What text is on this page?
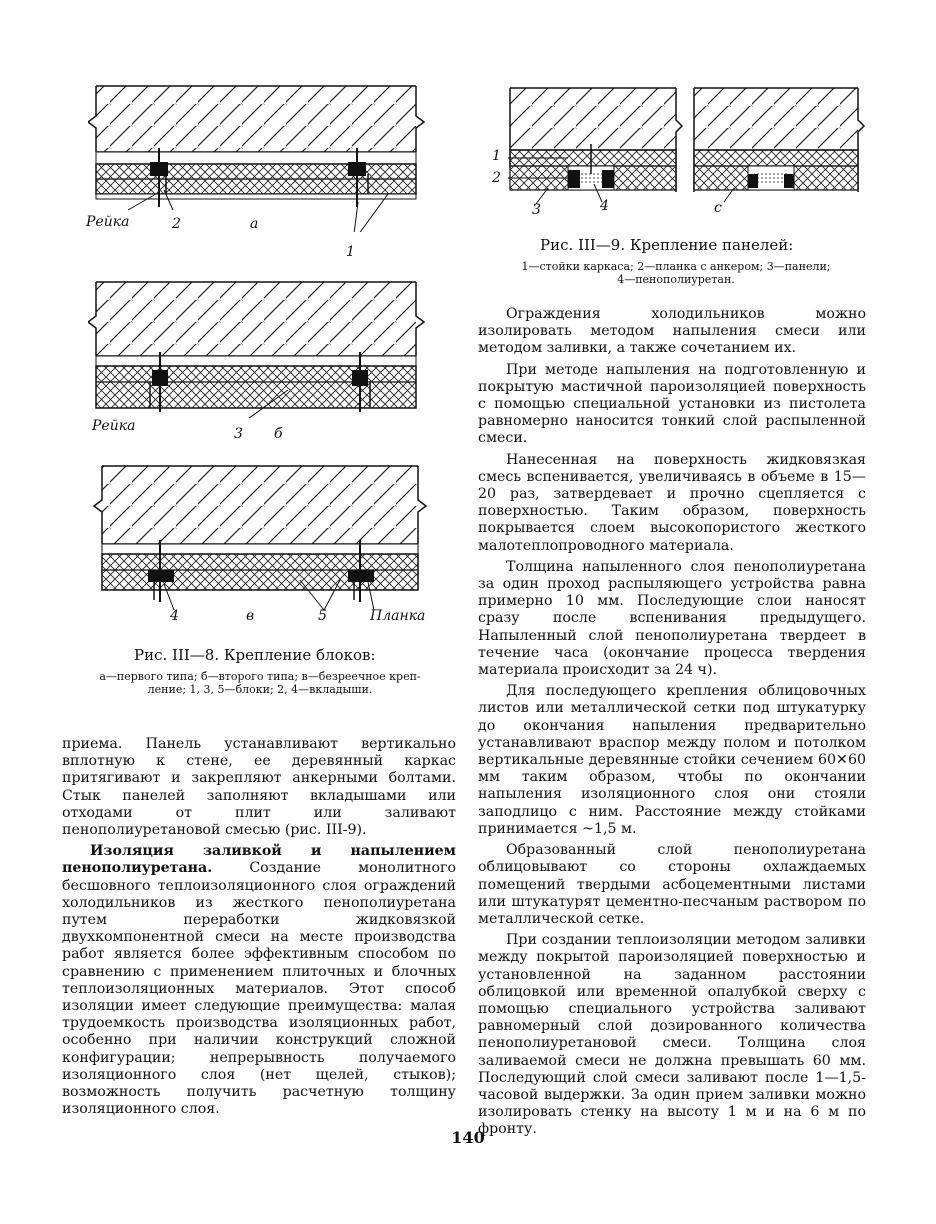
Рейка	2	а
1
Рейка	3 б
4	в	5	Планка
Рис. III—8. Крепление блоков:
а—первого типа; б—второго типа; в—безреечное креп-
ление; 1, 3, 5—блоки; 2, 4—вкладыши.
1
2
3	4	с
Рис. III—9. Крепление панелей:
1—стойки каркаса; 2—планка с анкером; 3—панели;
4—пенополиуретан.

приема. Панель устанавливают вертикально вплотную к стене, ее деревянный каркас притягивают и закрепляют анкерными болтами. Стык панелей заполняют вкладышами или отходами от плит или заливают пенополиуретановой смесью (рис. III-9).

Изоляция заливкой и напылением пенополиуретана. Создание монолитного бесшовного теплоизоляционного слоя ограждений холодильников из жесткого пенополиуретана путем переработки жидковязкой двухкомпонентной смеси на месте производства работ является более эффективным способом по сравнению с применением плиточных и блочных теплоизоляционных материалов. Этот способ изоляции имеет следующие преимущества: малая трудоемкость производства изоляционных работ, особенно при наличии конструкций сложной конфигурации; непрерывность получаемого изоляционного слоя (нет щелей, стыков); возможность получить расчетную толщину изоляционного слоя.

Ограждения холодильников можно изолировать методом напыления смеси или методом заливки, а также сочетанием их.

При методе напыления на подготовленную и покрытую мастичной пароизоляцией поверхность с помощью специальной установки из пистолета равномерно наносится тонкий слой распыленной смеси.

Нанесенная на поверхность жидковязкая смесь вспенивается, увеличиваясь в объеме в 15—20 раз, затвердевает и прочно сцепляется с поверхностью. Таким образом, поверхность покрывается слоем высокопористого жесткого малотеплопроводного материала.

Толщина напыленного слоя пенополиуретана за один проход распыляющего устройства равна примерно 10 мм. Последующие слои наносят сразу после вспенивания предыдущего. Напыленный слой пенополиуретана твердеет в течение часа (окончание процесса твердения материала происходит за 24 ч).

Для последующего крепления облицовочных листов или металлической сетки под штукатурку до окончания напыления предварительно устанавливают враспор между полом и потолком вертикальные деревянные стойки сечением 60✕60 мм таким образом, чтобы по окончании напыления изоляционного слоя они стояли заподлицо с ним. Расстояние между стойками принимается ~1,5 м.

Образованный слой пенополиуретана облицовывают со стороны охлаждаемых помещений твердыми асбоцементными листами или штукатурят цементно-песчаным раствором по металлической сетке.

При создании теплоизоляции методом заливки между покрытой пароизоляцией поверхностью и установленной на заданном расстоянии облицовкой или временной опалубкой сверху с помощью специального устройства заливают равномерный слой дозированного количества пенополиуретановой смеси. Толщина слоя заливаемой смеси не должна превышать 60 мм. Последующий слой смеси заливают после 1—1,5-часовой выдержки. За один прием заливки можно изолировать стенку на высоту 1 м и на 6 м по фронту.

140
